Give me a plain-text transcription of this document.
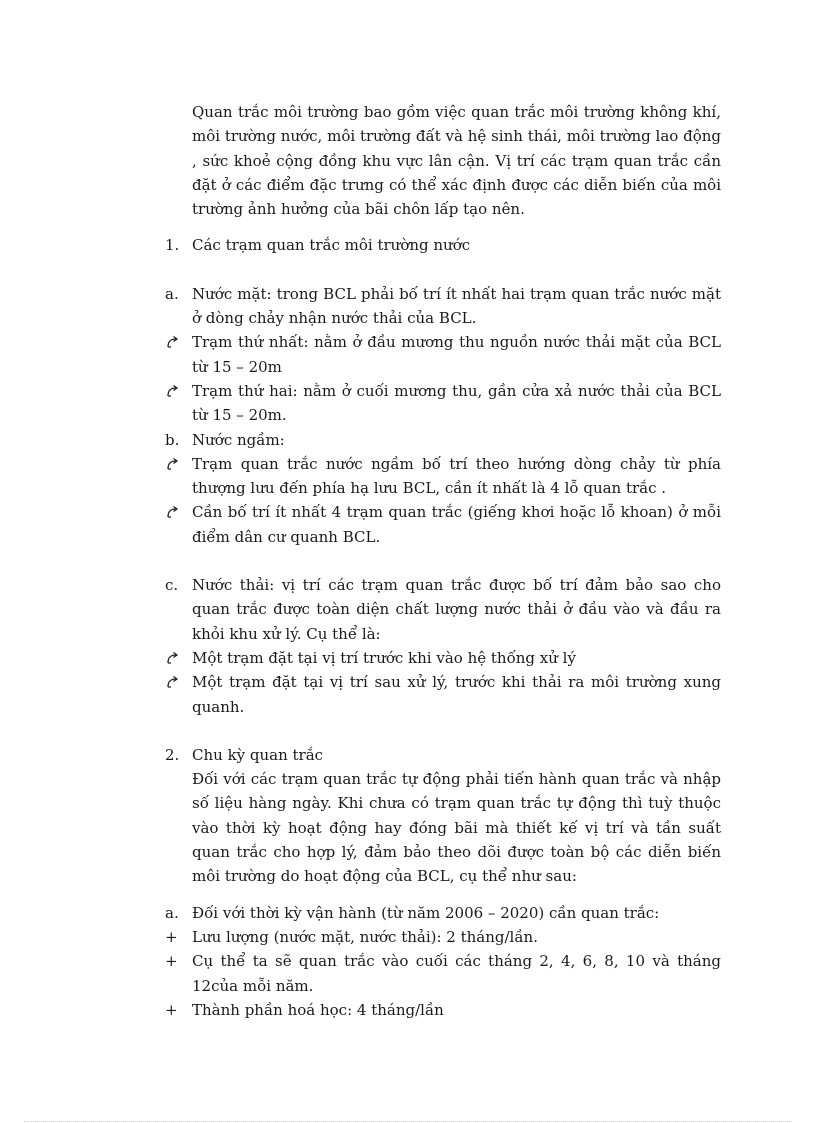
Quan trắc môi trường bao gồm việc quan trắc môi trường không khí, môi trường nước, môi trường đất và hệ sinh thái, môi trường lao động , sức khoẻ cộng đồng khu vực lân cận. Vị trí các trạm quan trắc cần đặt ở các điểm đặc trưng có thể xác định được các diễn biến của môi trường ảnh hưởng của bãi chôn lấp tạo nên.

1. Các trạm quan trắc môi trường nước
a. Nước mặt: trong BCL phải bố trí ít nhất hai trạm quan trắc nước mặt ở dòng chảy nhận nước thải của BCL.
Trạm thứ nhất: nằm ở đầu mương thu nguồn nước thải mặt của BCL từ 15 – 20m
Trạm thứ hai: nằm ở cuối mương thu, gần cửa xả nước thải của BCL từ 15 – 20m.
b. Nước ngầm:
Trạm quan trắc nước ngầm bố trí theo hướng dòng chảy từ phía thượng lưu đến phía hạ lưu BCL, cần ít nhất là 4 lỗ quan trắc .
Cần bố trí ít nhất 4 trạm quan trắc (giếng khơi hoặc lỗ khoan) ở mỗi điểm dân cư quanh BCL.
c. Nước thải: vị trí các trạm quan trắc được bố trí đảm bảo sao cho quan trắc được toàn diện chất lượng nước thải ở đầu vào và đầu ra khỏi khu xử lý. Cụ thể là:
Một trạm đặt tại vị trí trước khi vào hệ thống xử lý
Một trạm đặt tại vị trí sau xử lý, trước khi thải ra môi trường xung quanh.
2. Chu kỳ quan trắc

Đối với các trạm quan trắc tự động phải tiến hành quan trắc và nhập số liệu hàng ngày. Khi chưa có trạm quan trắc tự động thì tuỳ thuộc vào thời kỳ hoạt động hay đóng bãi mà thiết kế vị trí và tần suất quan trắc cho hợp lý, đảm bảo theo dõi được toàn bộ các diễn biến môi trường do hoạt động của BCL, cụ thể như sau:

a. Đối với thời kỳ vận hành (từ năm 2006 – 2020) cần quan trắc:
+ Lưu lượng (nước mặt, nước thải): 2 tháng/lần.
+ Cụ thể ta sẽ quan trắc vào cuối các tháng 2, 4, 6, 8, 10 và tháng 12của mỗi năm.
+ Thành phần hoá học: 4 tháng/lần
